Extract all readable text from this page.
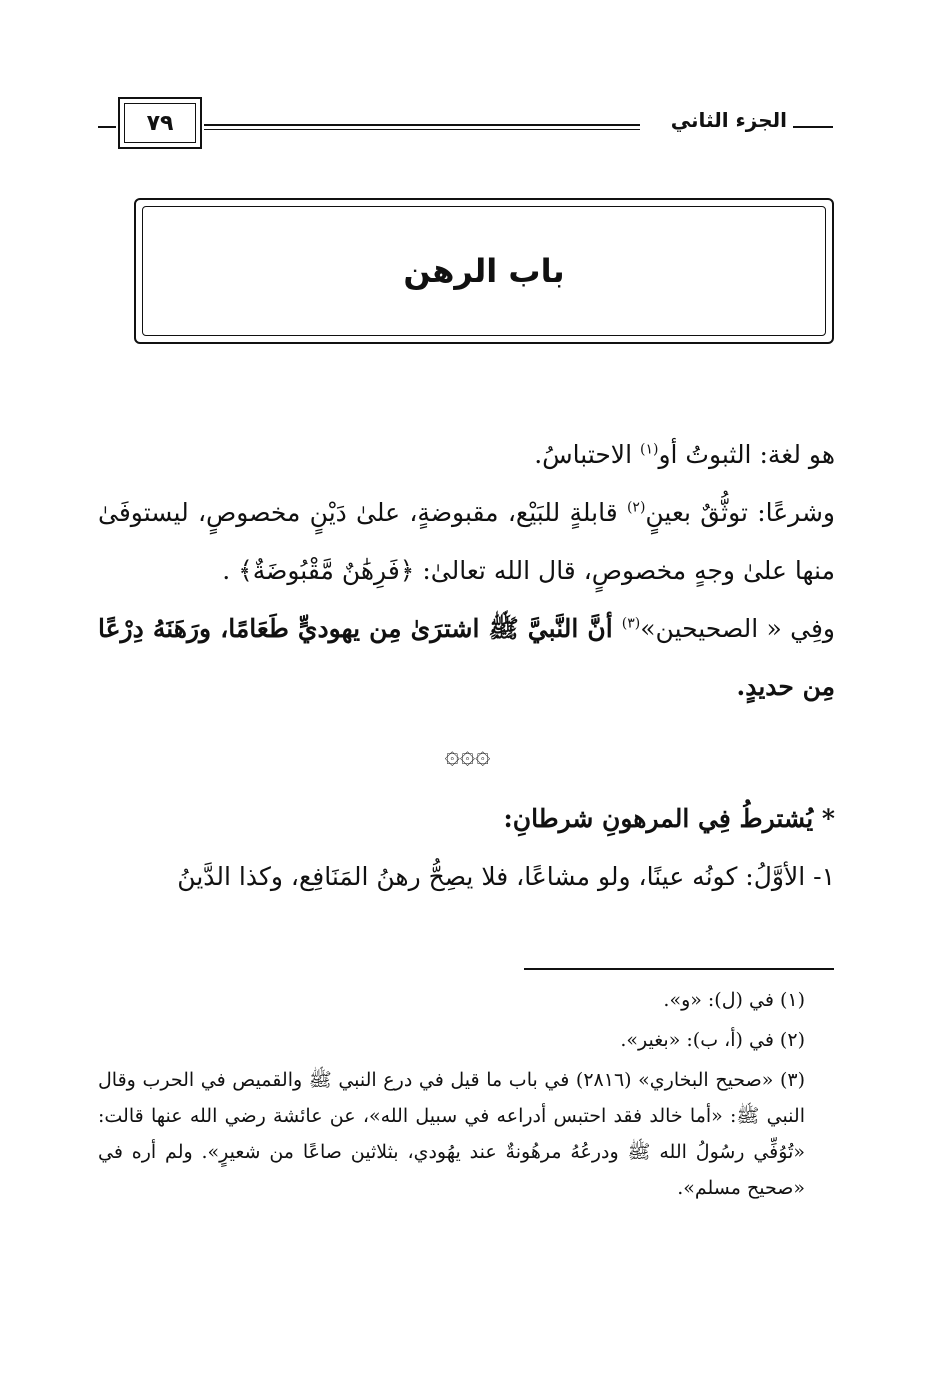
الجزء الثاني
٧٩
باب الرهن

هو لغة: الثبوتُ أو$^{(١)}$ الاحتباسُ.

وشرعًا: توثُّقٌ بعينٍ$^{(٢)}$ قابلةٍ للبَيْع، مقبوضةٍ، علىٰ دَيْنٍ مخصوصٍ، ليستوفَىٰ منها علىٰ وجهٍ مخصوصٍ، قال الله تعالىٰ: ﴿فَرِهَٰنٌ مَّقْبُوضَةٌ﴾ .

وفِي « الصحيحين»$^{(٣)}$ أنَّ النَّبيَّ ﷺ اشترَىٰ مِن يهوديٍّ طَعَامًا، ورَهَنَهُ دِرْعًا مِن حديدٍ.

۞۞۞

* يُشترطُ فِي المرهونِ شرطانِ:

١- الأوَّلُ: كونُه عينًا، ولو مشاعًا، فلا يصِحُّ رهنُ المَنَافِع، وكذا الدَّينُ

(١) في (ل): «و».

(٢) في (أ، ب): «بغير».

(٣) «صحيح البخاري» (٢٨١٦) في باب ما قيل في درع النبي ﷺ والقميص في الحرب وقال النبي ﷺ: «أما خالد فقد احتبس أدراعه في سبيل الله»، عن عائشة رضي الله عنها قالت: «تُوُفِّي رسُولُ الله ﷺ ودرعُهُ مرهُونةٌ عند يهُودي، بثلاثين صاعًا من شعيرٍ». ولم أره في «صحيح مسلم».
